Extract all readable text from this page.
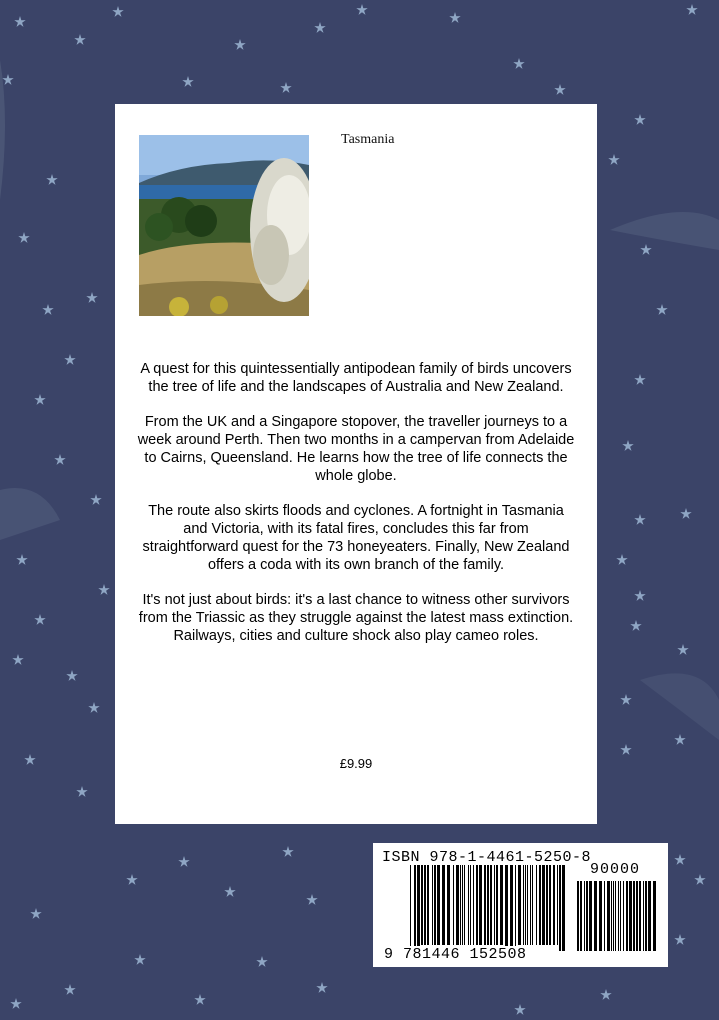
Tasmania

A quest for this quintessentially antipodean family of birds uncovers the tree of life and the landscapes of Australia and New Zealand.

From the UK and a Singapore stopover, the traveller journeys to a week around Perth. Then two months in a campervan from Adelaide to Cairns, Queensland. He learns how the tree of life connects the whole globe.

The route also skirts floods and cyclones. A fortnight in Tasmania and Victoria, with its fatal fires, concludes this far from straightforward quest for the 73 honeyeaters. Finally, New Zealand offers a coda with its own branch of the family.

It's not just about birds: it's a last chance to witness other survivors from the Triassic as they struggle against the latest mass extinction. Railways, cities and culture shock also play cameo roles.

£9.99
ISBN 978-1-4461-5250-8
90000
9 781446 152508
